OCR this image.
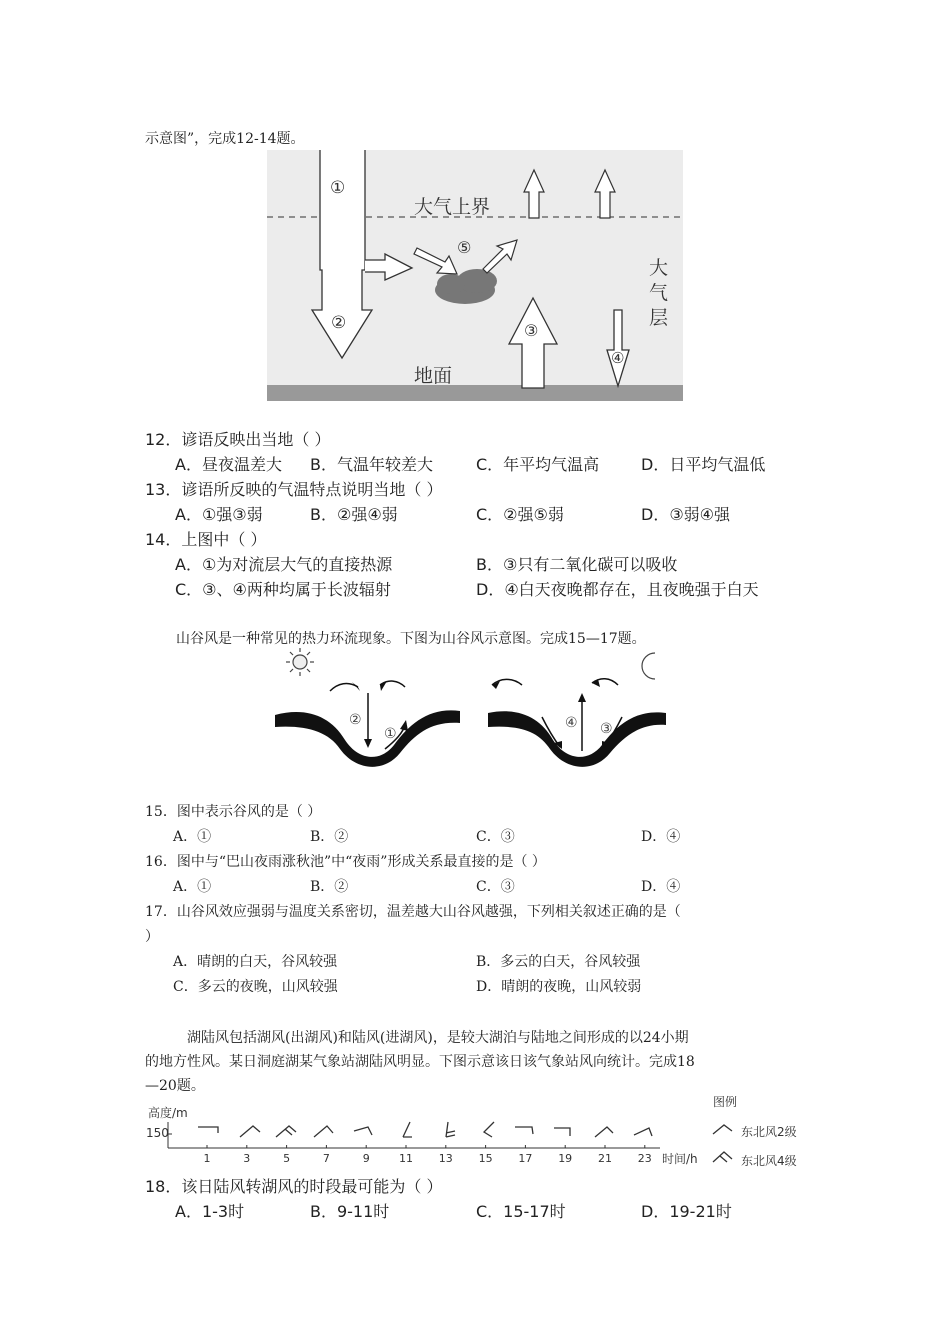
示意图”，完成12-14题。
大气上界
①
②
⑤
③
④
大
气
层
地面
12．谚语反映出当地（ ）
A．昼夜温差大 B．气温年较差大	C．年平均气温高	D．日平均气温低
13．谚语所反映的气温特点说明当地（ ）
A．①强③弱	B．②强④弱	C．②强⑤弱	D．③弱④强
14．上图中（ ）
A．①为对流层大气的直接热源	B．③只有二氧化碳可以吸收
C．③、④两种均属于长波辐射	D．④白天夜晚都存在，且夜晚强于白天
山谷风是一种常见的热力环流现象。下图为山谷风示意图。完成15—17题。
②
①
④ ③
15．图中表示谷风的是（ ）
A．①	B．②	C．③	D．④
16．图中与“巴山夜雨涨秋池”中“夜雨”形成关系最直接的是（ ）
A．①	B．②	C．③	D．④
17．山谷风效应强弱与温度关系密切，温差越大山谷风越强，下列相关叙述正确的是（
）
A．晴朗的白天，谷风较强	B．多云的白天，谷风较强
C．多云的夜晚，山风较强	D．晴朗的夜晚，山风较弱
湖陆风包括湖风(出湖风)和陆风(进湖风)，是较大湖泊与陆地之间形成的以24小期
的地方性风。某日洞庭湖某气象站湖陆风明显。下图示意该日该气象站风向统计。完成18
—20题。
高度/m
150
时间/h
图例
东北风2级
东北风4级
1	3	5	7	9	11 13 15 17 19 21 23
18．该日陆风转湖风的时段最可能为（ ）
A．1-3时	B．9-11时	C．15-17时	D．19-21时
